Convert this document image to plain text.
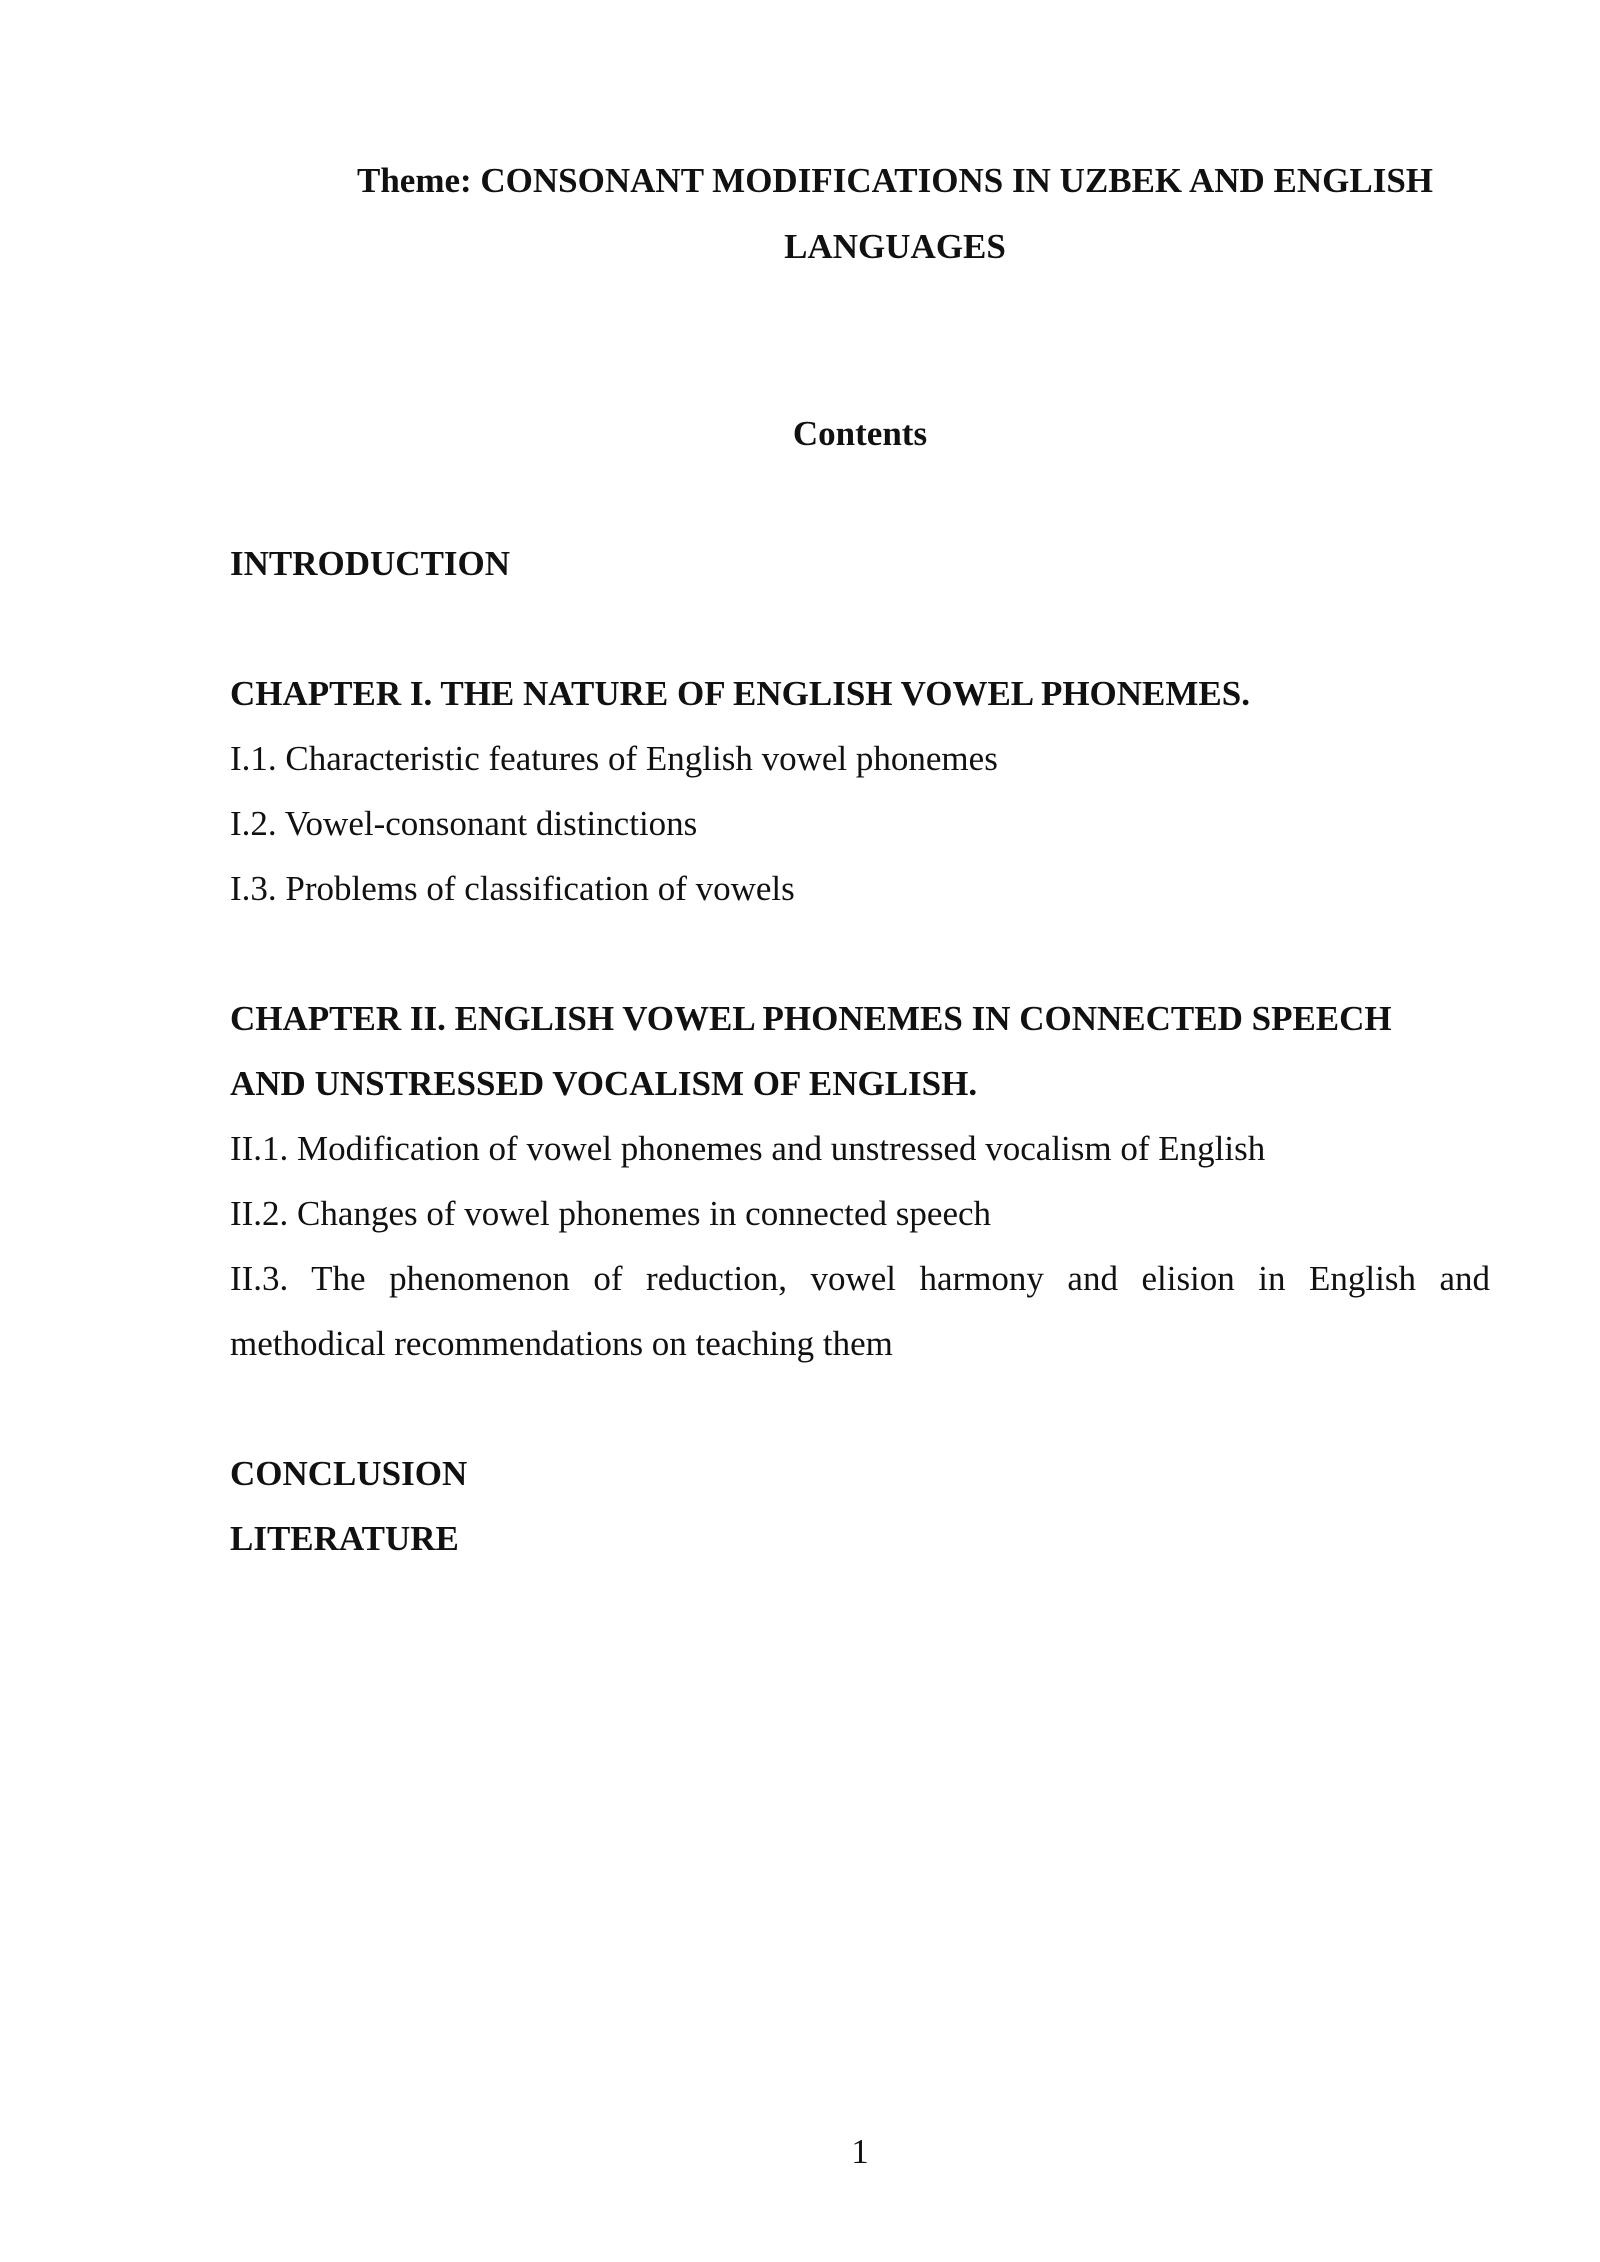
Theme: CONSONANT MODIFICATIONS IN UZBEK AND ENGLISH
LANGUAGES
Contents
INTRODUCTION
CHAPTER I. THE NATURE OF ENGLISH VOWEL PHONEMES.
I.1. Characteristic features of English vowel phonemes
I.2. Vowel-consonant distinctions
I.3. Problems of classification of vowels
CHAPTER II. ENGLISH VOWEL PHONEMES IN CONNECTED SPEECH
AND UNSTRESSED VOCALISM OF ENGLISH.
II.1. Modification of vowel phonemes and unstressed vocalism of English
II.2. Changes of vowel phonemes in connected speech
II.3. The phenomenon of reduction, vowel harmony and elision in English and
methodical recommendations on teaching them
CONCLUSION
LITERATURE
1
